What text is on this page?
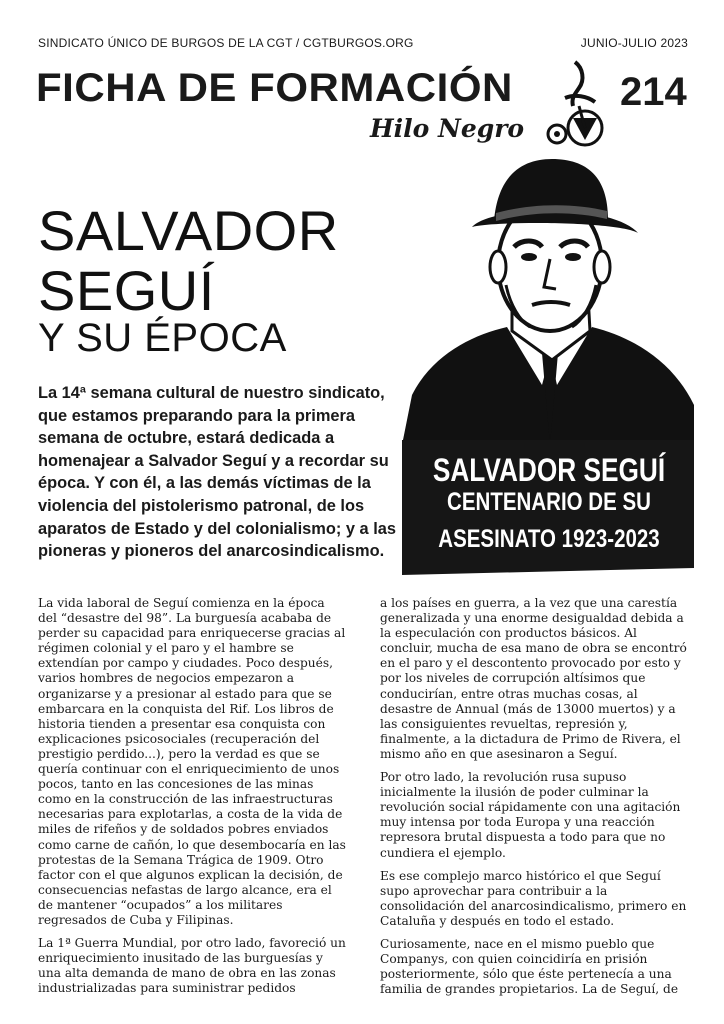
SINDICATO ÚNICO DE BURGOS DE LA CGT / CGTBURGOS.ORG	JUNIO-JULIO 2023
FICHA DE FORMACIÓN
Hilo Negro
214
SALVADOR
SEGUÍ
Y SU ÉPOCA
La 14ª semana cultural de nuestro sindicato, que estamos preparando para la primera semana de octubre, estará dedicada a homenajear a Salvador Seguí y a recordar su época. Y con él, a las demás víctimas de la violencia del pistolerismo patronal, de los aparatos de Estado y del colonialismo; y a las pioneras y pioneros del anarcosindicalismo.
SALVADOR SEGUÍ
CENTENARIO DE SU
ASESINATO 1923-2023

La vida laboral de Seguí comienza en la época del “desastre del 98”. La burguesía acababa de perder su capacidad para enriquecerse gracias al régimen colonial y el paro y el hambre se extendían por campo y ciudades. Poco después, varios hombres de negocios empezaron a organizarse y a presionar al estado para que se embarcara en la conquista del Rif. Los libros de historia tienden a presentar esa conquista con explicaciones psicosociales (recuperación del prestigio perdido...), pero la verdad es que se quería continuar con el enriquecimiento de unos pocos, tanto en las concesiones de las minas como en la construcción de las infraestructuras necesarias para explotarlas, a costa de la vida de miles de rifeños y de soldados pobres enviados como carne de cañón, lo que desembocaría en las protestas de la Semana Trágica de 1909. Otro factor con el que algunos explican la decisión, de consecuencias nefastas de largo alcance, era el de mantener “ocupados” a los militares regresados de Cuba y Filipinas.

La 1ª Guerra Mundial, por otro lado, favoreció un enriquecimiento inusitado de las burguesías y una alta demanda de mano de obra en las zonas industrializadas para suministrar pedidos

a los países en guerra, a la vez que una carestía generalizada y una enorme desigualdad debida a la especulación con productos básicos. Al concluir, mucha de esa mano de obra se encontró en el paro y el descontento provocado por esto y por los niveles de corrupción altísimos que conducirían, entre otras muchas cosas, al desastre de Annual (más de 13000 muertos) y a las consiguientes revueltas, represión y, finalmente, a la dictadura de Primo de Rivera, el mismo año en que asesinaron a Seguí.

Por otro lado, la revolución rusa supuso inicialmente la ilusión de poder culminar la revolución social rápidamente con una agitación muy intensa por toda Europa y una reacción represora brutal dispuesta a todo para que no cundiera el ejemplo.

Es ese complejo marco histórico el que Seguí supo aprovechar para contribuir a la consolidación del anarcosindicalismo, primero en Cataluña y después en todo el estado.

Curiosamente, nace en el mismo pueblo que Companys, con quien coincidiría en prisión posteriormente, sólo que éste pertenecía a una familia de grandes propietarios. La de Seguí, de
